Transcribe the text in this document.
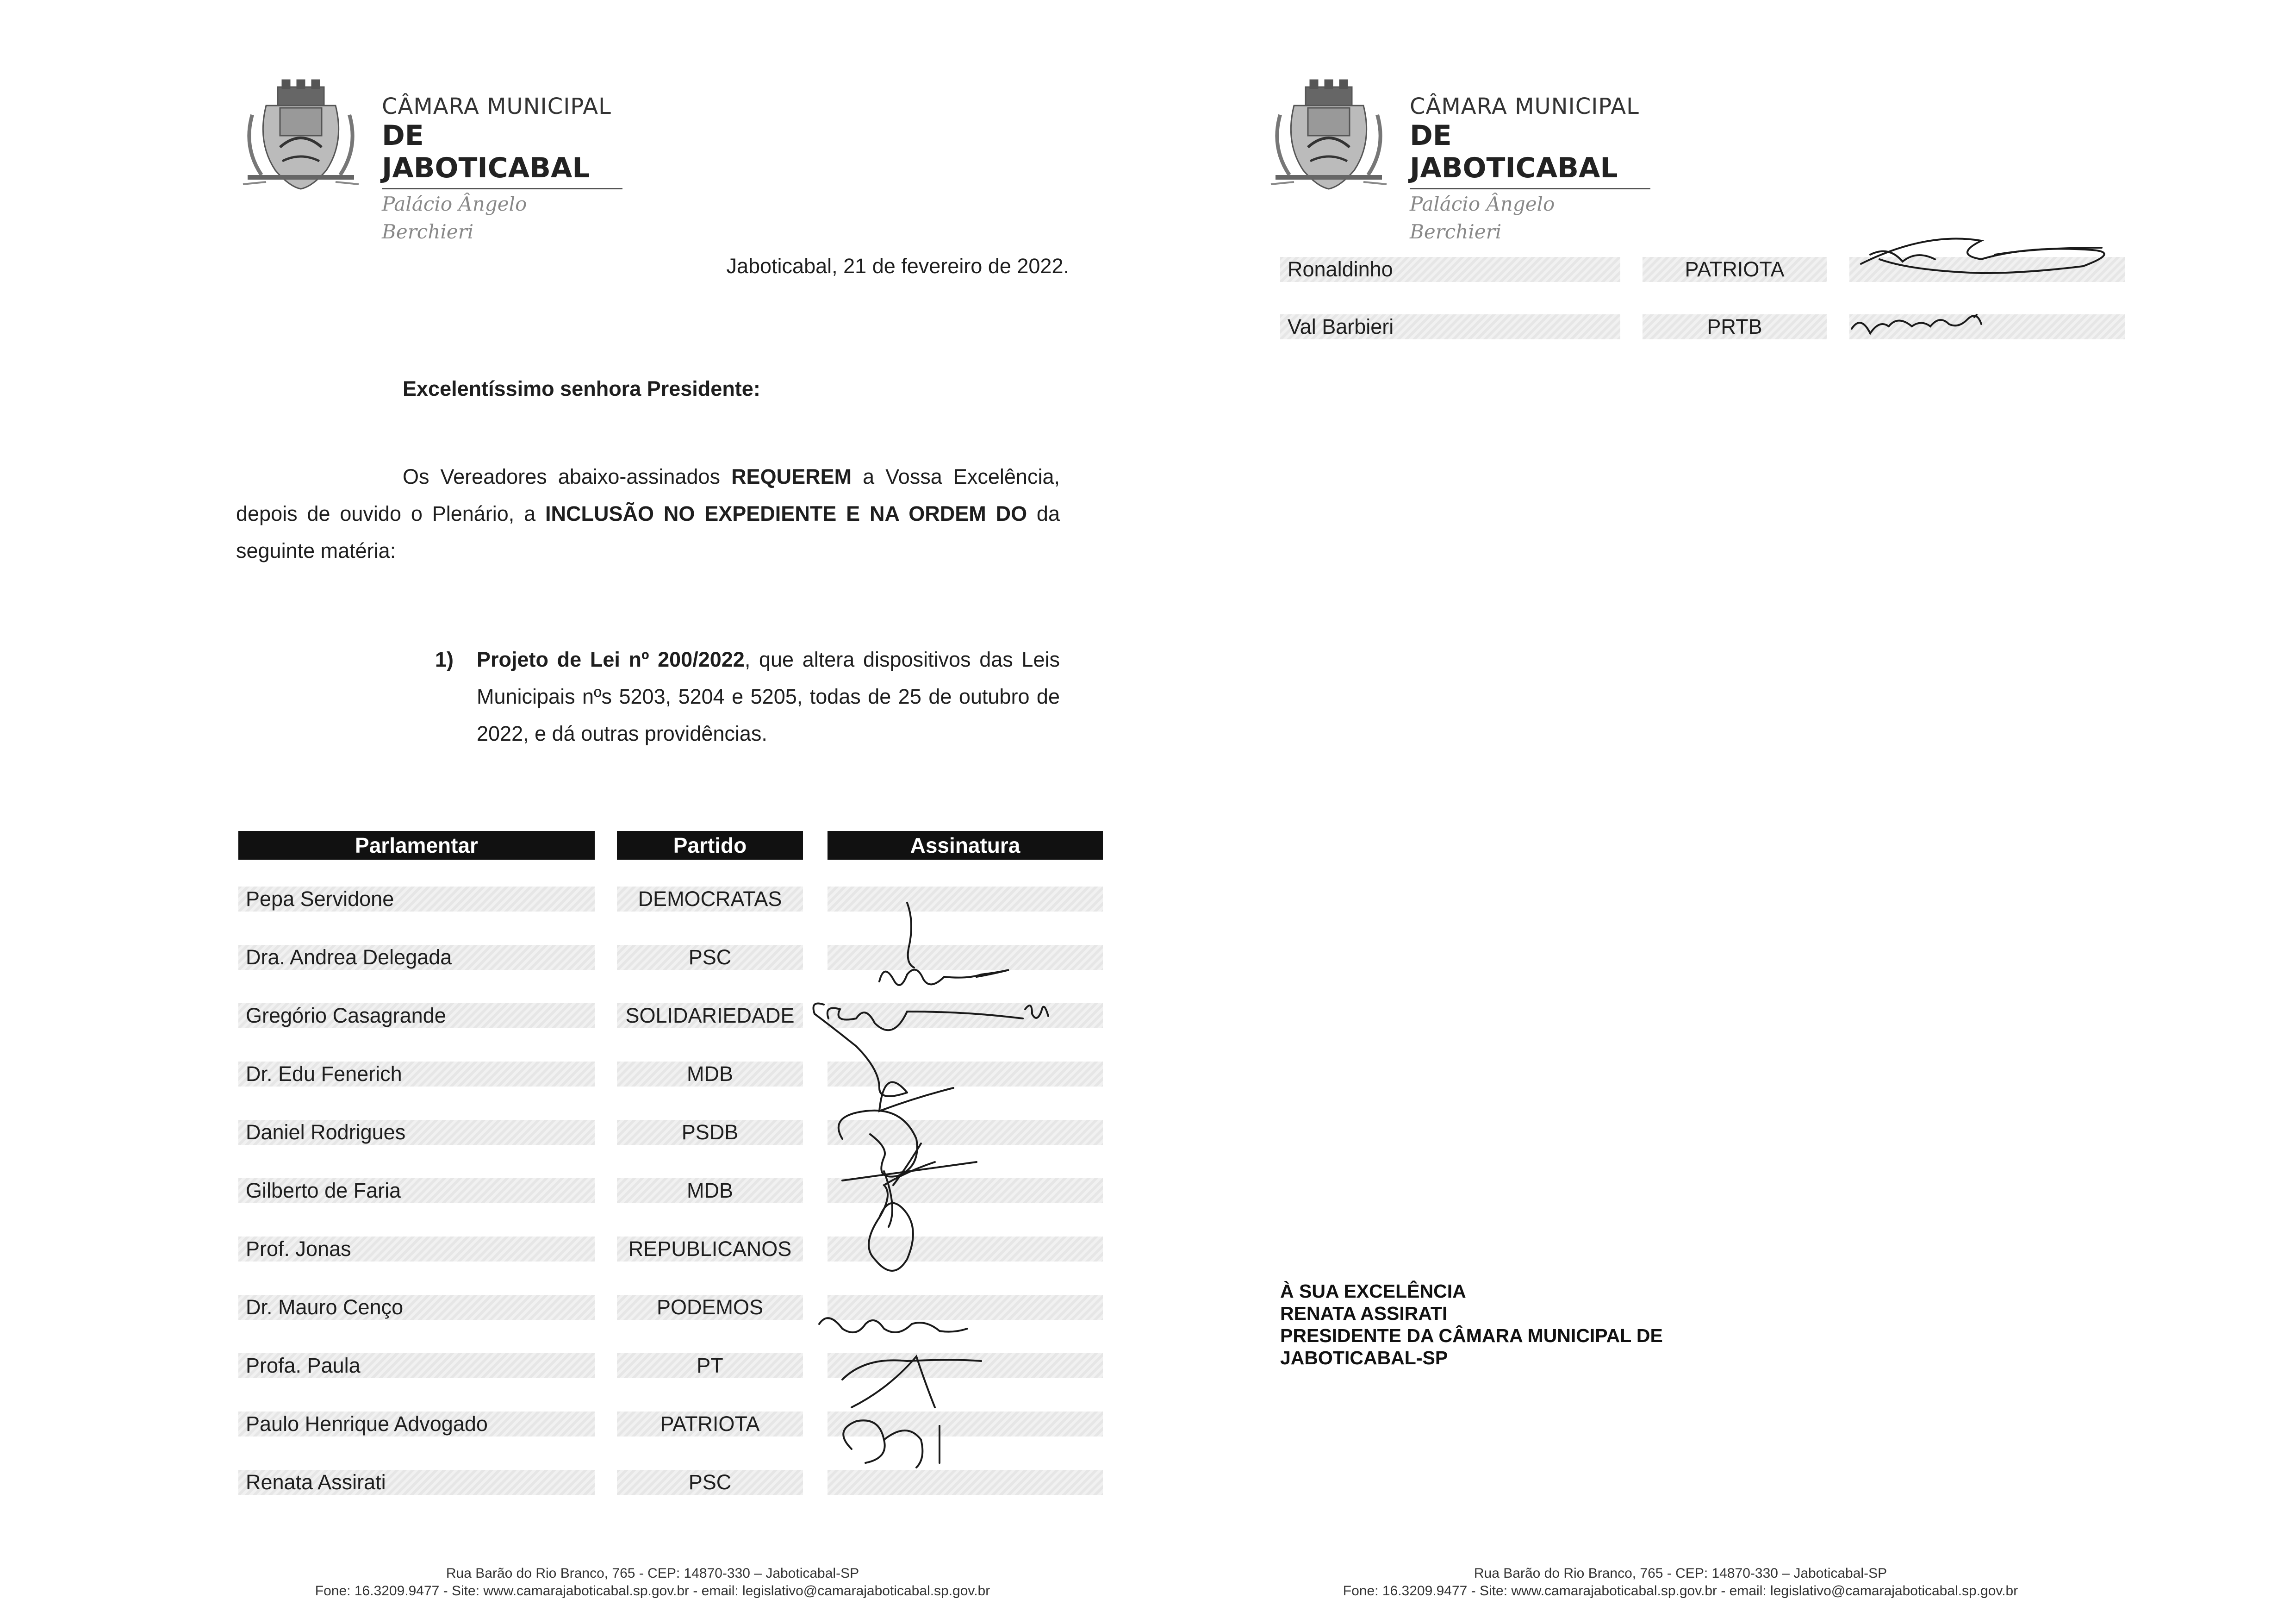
CÂMARA MUNICIPAL
DE JABOTICABAL
Palácio Ângelo Berchieri
Jaboticabal, 21 de fevereiro de 2022.
Excelentíssimo senhora Presidente:
Os Vereadores abaixo-assinados REQUEREM a Vossa Excelência, depois de ouvido o Plenário, a INCLUSÃO NO EXPEDIENTE E NA ORDEM DO da seguinte matéria:
1) Projeto de Lei nº 200/2022, que altera dispositivos das Leis Municipais nºs 5203, 5204 e 5205, todas de 25 de outubro de 2022, e dá outras providências.
Parlamentar	Partido	Assinatura
Pepa Servidone	DEMOCRATAS
Dra. Andrea Delegada	PSC
Gregório Casagrande	SOLIDARIEDADE
Dr. Edu Fenerich	MDB
Daniel Rodrigues	PSDB
Gilberto de Faria	MDB
Prof. Jonas	REPUBLICANOS
Dr. Mauro Cenço	PODEMOS
Profa. Paula	PT
Paulo Henrique Advogado	PATRIOTA
Renata Assirati	PSC
Rua Barão do Rio Branco, 765 - CEP: 14870-330 – Jaboticabal-SP
Fone: 16.3209.9477 - Site: www.camarajaboticabal.sp.gov.br - email: legislativo@camarajaboticabal.sp.gov.br
CÂMARA MUNICIPAL
DE JABOTICABAL
Palácio Ângelo Berchieri
Ronaldinho	PATRIOTA
Val Barbieri	PRTB
À SUA EXCELÊNCIA
RENATA ASSIRATI
PRESIDENTE DA CÂMARA MUNICIPAL DE
JABOTICABAL-SP
Rua Barão do Rio Branco, 765 - CEP: 14870-330 – Jaboticabal-SP
Fone: 16.3209.9477 - Site: www.camarajaboticabal.sp.gov.br - email: legislativo@camarajaboticabal.sp.gov.br
